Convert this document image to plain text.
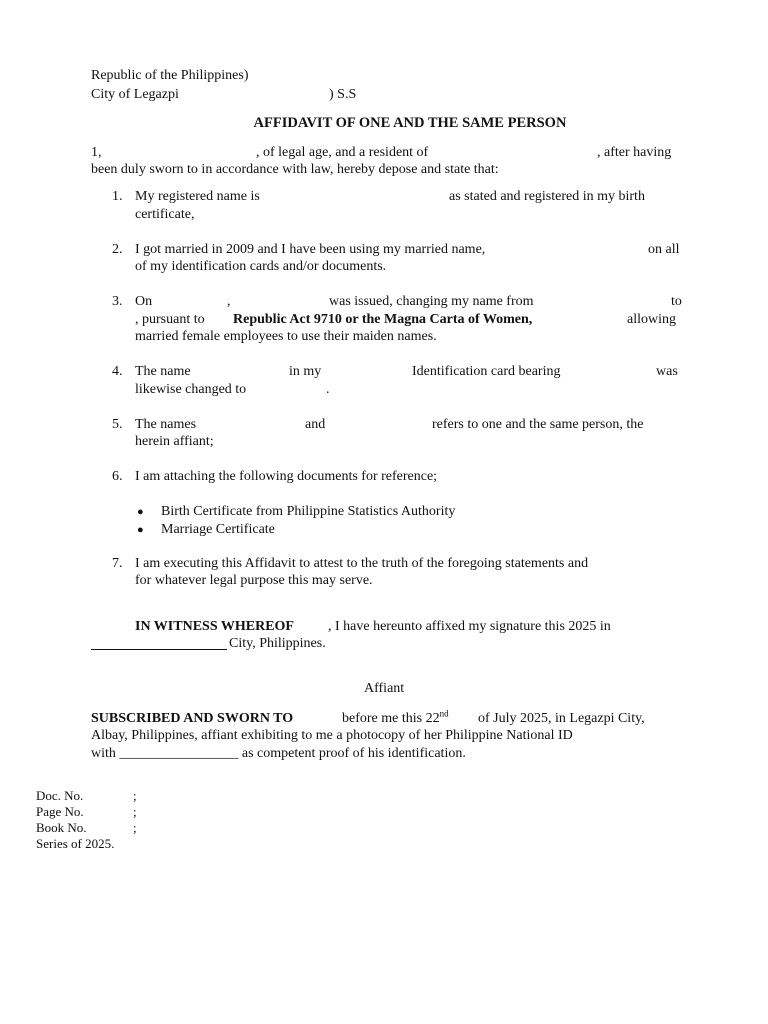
Republic of the Philippines)
City of Legazpi	) S.S
AFFIDAVIT OF ONE AND THE SAME PERSON
1,	, of legal age, and a resident of	, after having
been duly sworn to in accordance with law, hereby depose and state that:
1. My registered name is	as stated and registered in my birth
certificate,
2. I got married in 2009 and I have been using my married name,	on all
of my identification cards and/or documents.
3. On	,	was issued, changing my name from	to
, pursuant to Republic Act 9710 or the Magna Carta of Women,	allowing
married female employees to use their maiden names.
4. The name	in my	Identification card bearing	was
likewise changed to	.
5. The names	and	refers to one and the same person, the
herein affiant;
6. I am attaching the following documents for reference;
● Birth Certificate from Philippine Statistics Authority
● Marriage Certificate
7. I am executing this Affidavit to attest to the truth of the foregoing statements and
for whatever legal purpose this may serve.
IN WITNESS WHEREOF , I have hereunto affixed my signature this 2025 in
City, Philippines.
Affiant
SUBSCRIBED AND SWORN TO	before me this 22nd of July 2025, in Legazpi City,
Albay, Philippines, affiant exhibiting to me a photocopy of her Philippine National ID
with _________________ as competent proof of his identification.
Doc. No.	;
Page No.	;
Book No.	;
Series of 2025.
